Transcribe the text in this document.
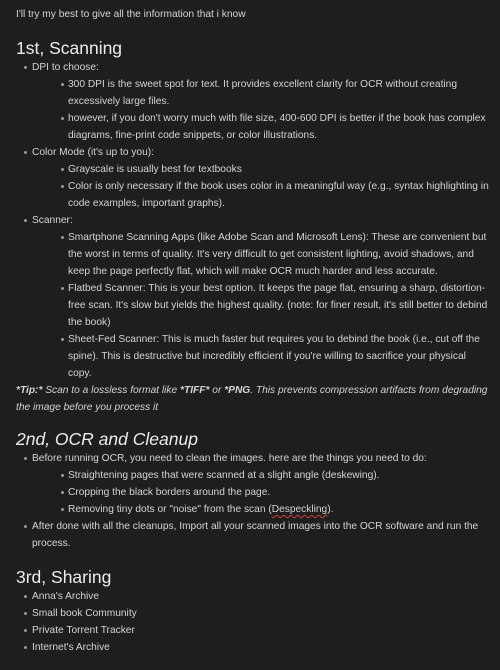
I'll try my best to give all the information that i know

1st, Scanning
DPI to choose:
300 DPI is the sweet spot for text. It provides excellent clarity for OCR without creating excessively large files.
however, if you don't worry much with file size, 400-600 DPI is better if the book has complex diagrams, fine-print code snippets, or color illustrations.
Color Mode (it's up to you):
Grayscale is usually best for textbooks
Color is only necessary if the book uses color in a meaningful way (e.g., syntax highlighting in code examples, important graphs).
Scanner:
Smartphone Scanning Apps (like Adobe Scan and Microsoft Lens): These are convenient but the worst in terms of quality. It's very difficult to get consistent lighting, avoid shadows, and keep the page perfectly flat, which will make OCR much harder and less accurate.
Flatbed Scanner: This is your best option. It keeps the page flat, ensuring a sharp, distortion-free scan. It's slow but yields the highest quality. (note: for finer result, it's still better to debind the book)
Sheet-Fed Scanner: This is much faster but requires you to debind the book (i.e., cut off the spine). This is destructive but incredibly efficient if you're willing to sacrifice your physical copy.

*Tip:* Scan to a lossless format like *TIFF* or *PNG. This prevents compression artifacts from degrading the image before you process it

2nd, OCR and Cleanup
Before running OCR, you need to clean the images. here are the things you need to do:
Straightening pages that were scanned at a slight angle (deskewing).
Cropping the black borders around the page.
Removing tiny dots or "noise" from the scan (Despeckling).
After done with all the cleanups, Import all your scanned images into the OCR software and run the process.
3rd, Sharing
Anna's Archive
Small book Community
Private Torrent Tracker
Internet's Archive
